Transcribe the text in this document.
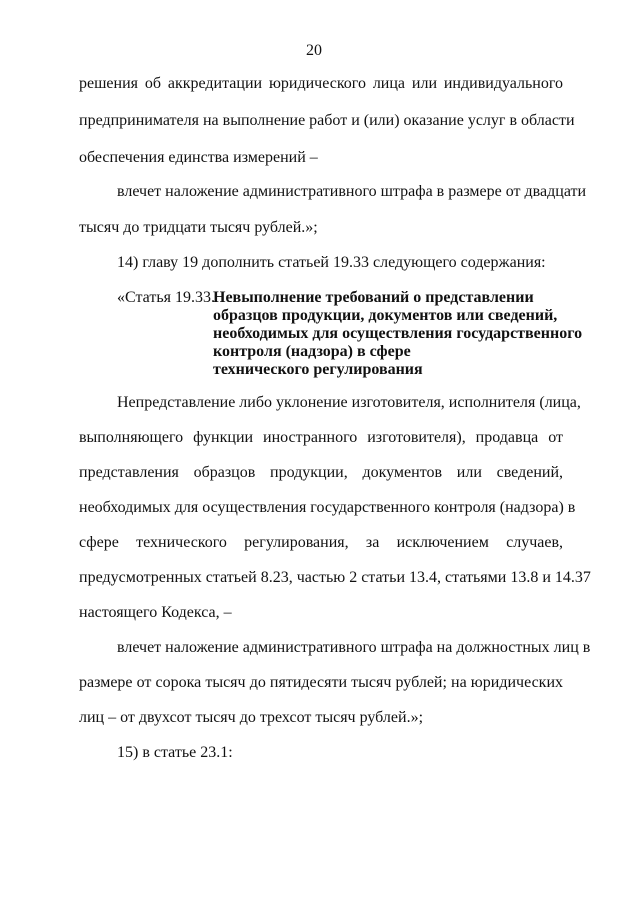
20
решения об аккредитации юридического лица или индивидуального
предпринимателя на выполнение работ и (или) оказание услуг в области
обеспечения единства измерений –
влечет наложение административного штрафа в размере от двадцати
тысяч до тридцати тысяч рублей.»;
14) главу 19 дополнить статьей 19.33 следующего содержания:
«Статья 19.33.
Невыполнение требований о представлении
образцов продукции, документов или сведений,
необходимых для осуществления государственного
контроля (надзора) в сфере
технического регулирования
Непредставление либо уклонение изготовителя, исполнителя (лица,
выполняющего функции иностранного изготовителя), продавца от
представления образцов продукции, документов или сведений,
необходимых для осуществления государственного контроля (надзора) в
сфере технического регулирования, за исключением случаев,
предусмотренных статьей 8.23, частью 2 статьи 13.4, статьями 13.8 и 14.37
настоящего Кодекса, –
влечет наложение административного штрафа на должностных лиц в
размере от сорока тысяч до пятидесяти тысяч рублей; на юридических
лиц – от двухсот тысяч до трехсот тысяч рублей.»;
15) в статье 23.1:
